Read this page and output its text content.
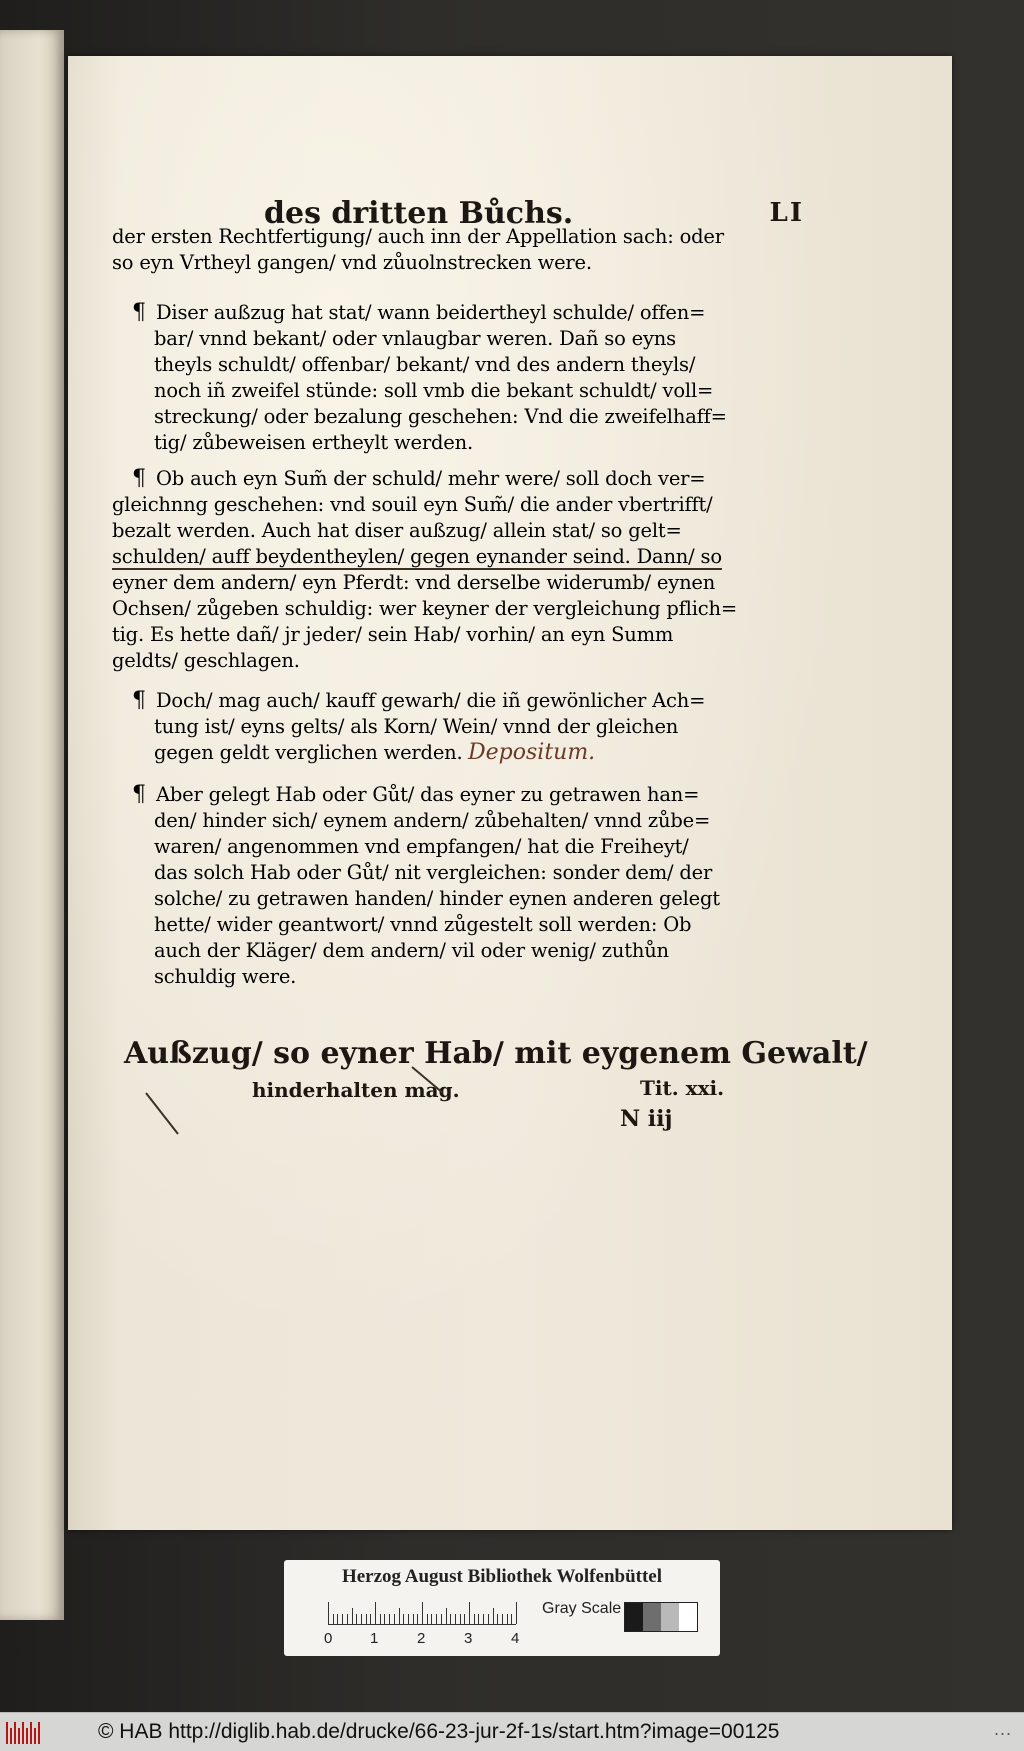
des dritten Bůchs.	LI
der ersten Rechtfertigung/ auch inn der Appellation sach: oder
so eyn Vrtheyl gangen/ vnd zůuolnstrecken were.
¶ Diser außzug hat stat/ wann beidertheyl schulde/ offen=
bar/ vnnd bekant/ oder vnlaugbar weren. Dañ so eyns
theyls schuldt/ offenbar/ bekant/ vnd des andern theyls/
noch iñ zweifel stünde: soll vmb die bekant schuldt/ voll=
streckung/ oder bezalung geschehen: Vnd die zweifelhaff=
tig/ zůbeweisen ertheylt werden.
¶ Ob auch eyn Sum̃ der schuld/ mehr were/ soll doch ver=
gleichnng geschehen: vnd souil eyn Sum̃/ die ander vbertrifft/
bezalt werden. Auch hat diser außzug/ allein stat/ so gelt=
schulden/ auff beydentheylen/ gegen eynander seind. Dann/ so
eyner dem andern/ eyn Pferdt: vnd derselbe widerumb/ eynen
Ochsen/ zůgeben schuldig: wer keyner der vergleichung pflich=
tig. Es hette dañ/ jr jeder/ sein Hab/ vorhin/ an eyn Summ
geldts/ geschlagen.
¶ Doch/ mag auch/ kauff gewarh/ die iñ gewönlicher Ach=
tung ist/ eyns gelts/ als Korn/ Wein/ vnnd der gleichen
gegen geldt verglichen werden.
¶ Aber gelegt Hab oder Gůt/ das eyner zu getrawen han=
den/ hinder sich/ eynem andern/ zůbehalten/ vnnd zůbe=
waren/ angenommen vnd empfangen/ hat die Freiheyt/
das solch Hab oder Gůt/ nit vergleichen: sonder dem/ der
solche/ zu getrawen handen/ hinder eynen anderen gelegt
hette/ wider geantwort/ vnnd zůgestelt soll werden: Ob
auch der Kläger/ dem andern/ vil oder wenig/ zuthůn
schuldig were.
Depositum.
Außzug/ so eyner Hab/ mit eygenem Gewalt/
hinderhalten mag.	Tit. xxi.
N iij
Herzog August Bibliothek Wolfenbüttel
0	1	2	3	4
Gray Scale
© HAB http://diglib.hab.de/drucke/66-23-jur-2f-1s/start.htm?image=00125	...
